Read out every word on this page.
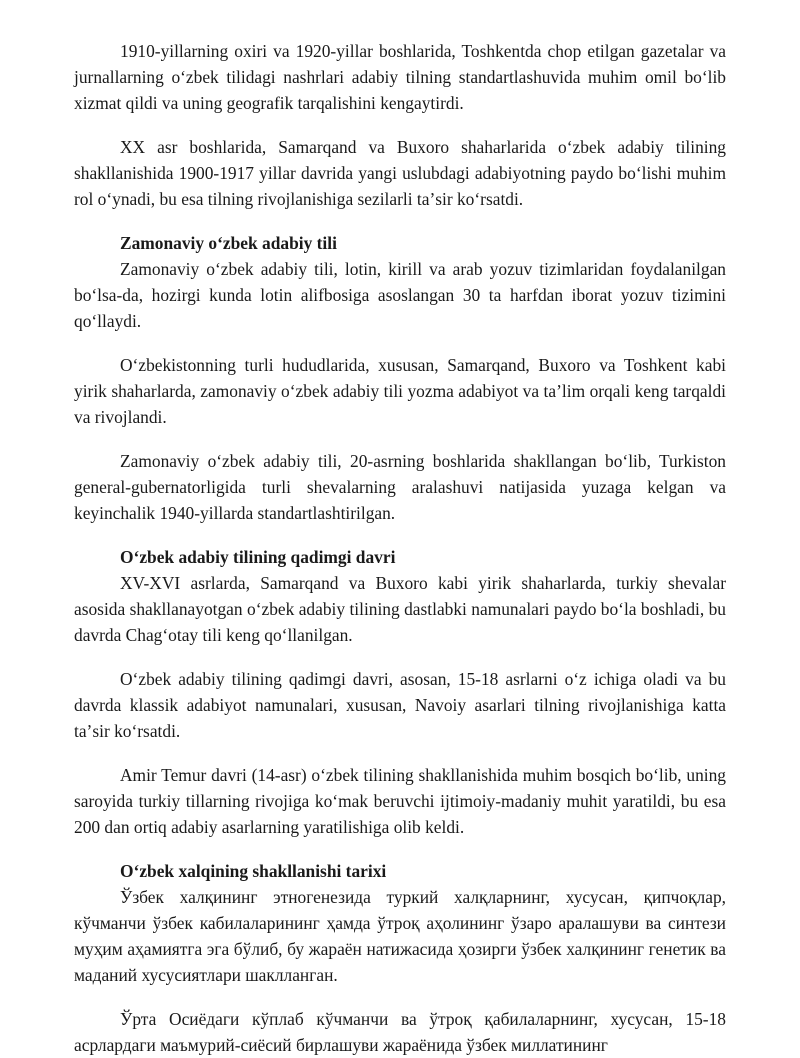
1910-yillarning oxiri va 1920-yillar boshlarida, Toshkentda chop etilgan gazetalar va jurnallarning oʻzbek tilidagi nashrlari adabiy tilning standartlashuvida muhim omil boʻlib xizmat qildi va uning geografik tarqalishini kengaytirdi.

XX asr boshlarida, Samarqand va Buxoro shaharlarida oʻzbek adabiy tilining shakllanishida 1900-1917 yillar davrida yangi uslubdagi adabiyotning paydo boʻlishi muhim rol oʻynadi, bu esa tilning rivojlanishiga sezilarli taʼsir koʻrsatdi.

Zamonaviy oʻzbek adabiy tili

Zamonaviy oʻzbek adabiy tili, lotin, kirill va arab yozuv tizimlaridan foydalanilgan boʻlsa-da, hozirgi kunda lotin alifbosiga asoslangan 30 ta harfdan iborat yozuv tizimini qoʻllaydi.

Oʻzbekistonning turli hududlarida, xususan, Samarqand, Buxoro va Toshkent kabi yirik shaharlarda, zamonaviy oʻzbek adabiy tili yozma adabiyot va taʼlim orqali keng tarqaldi va rivojlandi.

Zamonaviy oʻzbek adabiy tili, 20-asrning boshlarida shakllangan boʻlib, Turkiston general-gubernatorligida turli shevalarning aralashuvi natijasida yuzaga kelgan va keyinchalik 1940-yillarda standartlashtirilgan.

Oʻzbek adabiy tilining qadimgi davri

XV-XVI asrlarda, Samarqand va Buxoro kabi yirik shaharlarda, turkiy shevalar asosida shakllanayotgan oʻzbek adabiy tilining dastlabki namunalari paydo boʻla boshladi, bu davrda Chagʻotay tili keng qoʻllanilgan.

Oʻzbek adabiy tilining qadimgi davri, asosan, 15-18 asrlarni oʻz ichiga oladi va bu davrda klassik adabiyot namunalari, xususan, Navoiy asarlari tilning rivojlanishiga katta taʼsir koʻrsatdi.

Amir Temur davri (14-asr) oʻzbek tilining shakllanishida muhim bosqich boʻlib, uning saroyida turkiy tillarning rivojiga koʻmak beruvchi ijtimoiy-madaniy muhit yaratildi, bu esa 200 dan ortiq adabiy asarlarning yaratilishiga olib keldi.

Oʻzbek xalqining shakllanishi tarixi

Ўзбек халқининг этногенезида туркий халқларнинг, хусусан, қипчоқлар, кўчманчи ўзбек кабилаларининг ҳамда ўтроқ аҳолининг ўзаро аралашуви ва синтези муҳим аҳамиятга эга бўлиб, бу жараён натижасида ҳозирги ўзбек халқининг генетик ва маданий хусусиятлари шаклланган.

Ўрта Осиёдаги кўплаб кўчманчи ва ўтроқ қабилаларнинг, хусусан, 15-18 асрлардаги маъмурий-сиёсий бирлашуви жараёнида ўзбек миллатининг
